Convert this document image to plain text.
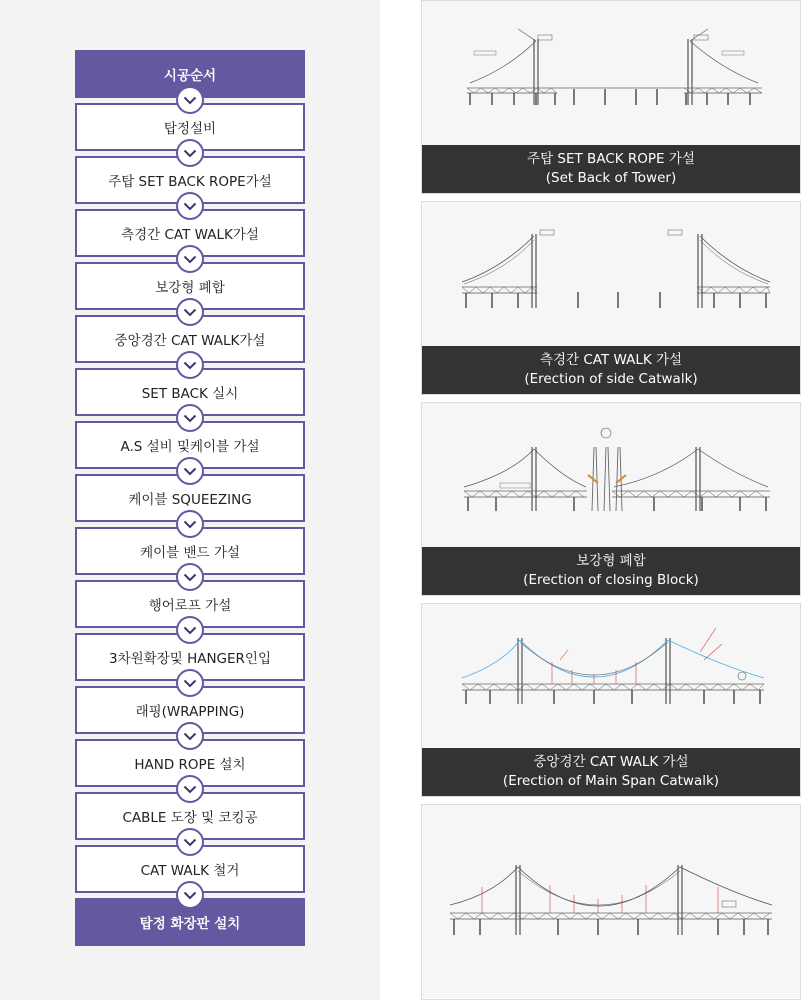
시공순서
탑정설비
주탑 SET BACK ROPE가설
측경간 CAT WALK가설
보강형 폐합
중앙경간 CAT WALK가설
SET BACK 실시
A.S 설비 및케이블 가설
케이블 SQUEEZING
케이블 밴드 가설
행어로프 가설
3차원확장및 HANGER인입
래핑(WRAPPING)
HAND ROPE 설치
CABLE 도장 및 코킹공
CAT WALK 철거
탑정 화장판 설치
주탑 SET BACK ROPE 가설
(Set Back of Tower)
측경간 CAT WALK 가설
(Erection of side Catwalk)
보강형 폐합
(Erection of closing Block)
중앙경간 CAT WALK 가설
(Erection of Main Span Catwalk)
